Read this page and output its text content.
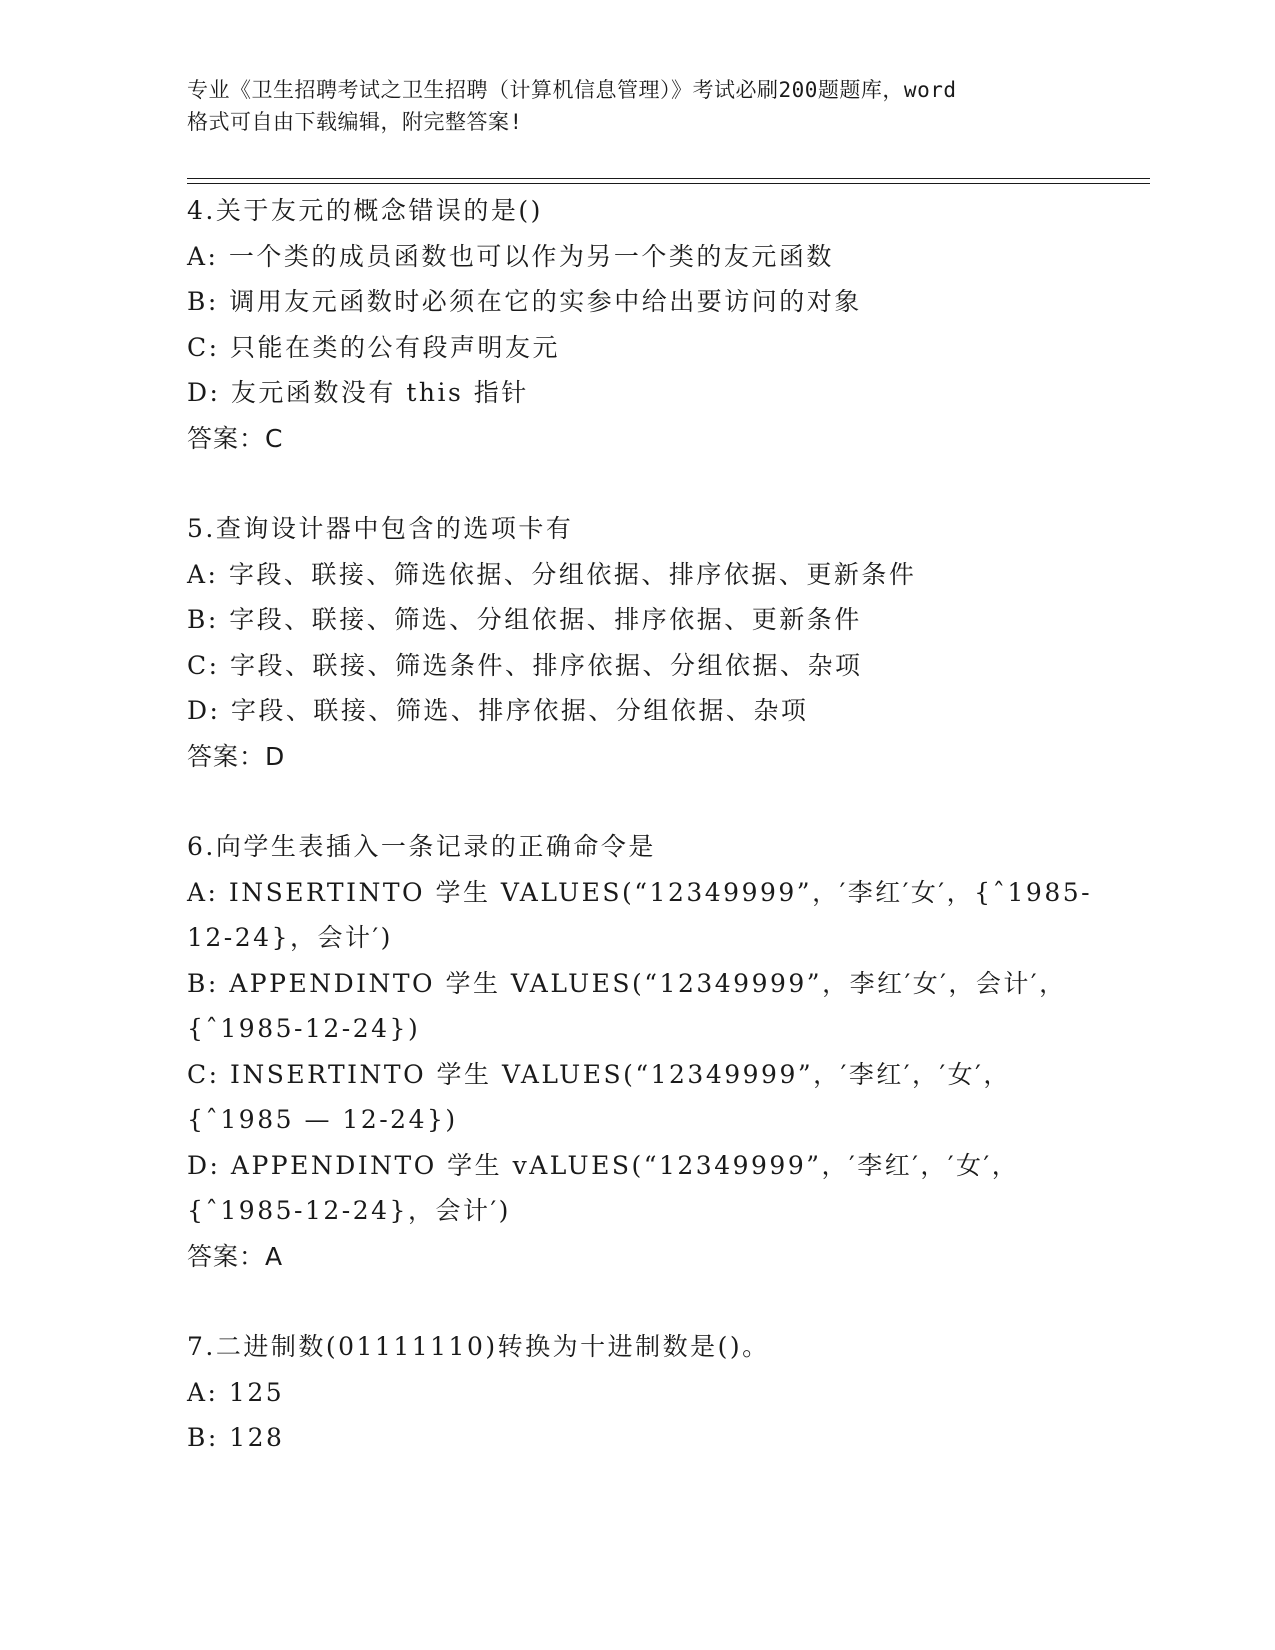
专业《卫生招聘考试之卫生招聘（计算机信息管理）》考试必刷200题题库，word
格式可自由下载编辑，附完整答案!
4.关于友元的概念错误的是()
A: 一个类的成员函数也可以作为另一个类的友元函数
B: 调用友元函数时必须在它的实参中给出要访问的对象
C: 只能在类的公有段声明友元
D: 友元函数没有 this 指针
答案：C
5.查询设计器中包含的选项卡有
A: 字段、联接、筛选依据、分组依据、排序依据、更新条件
B: 字段、联接、筛选、分组依据、排序依据、更新条件
C: 字段、联接、筛选条件、排序依据、分组依据、杂项
D: 字段、联接、筛选、排序依据、分组依据、杂项
答案：D
6.向学生表插入一条记录的正确命令是
A: INSERTINTO 学生 VALUES(“12349999”，′李红′女′，{ˆ1985-
12-24}，会计′)
B: APPENDINTO 学生 VALUES(“12349999”，李红′女′，会计′，
{ˆ1985-12-24})
C: INSERTINTO 学生 VALUES(“12349999”，′李红′，′女′，
{ˆ1985 — 12-24})
D: APPENDINTO 学生 vALUES(“12349999”，′李红′，′女′，
{ˆ1985-12-24}，会计′)
答案：A
7.二进制数(01111110)转换为十进制数是()。
A: 125
B: 128
